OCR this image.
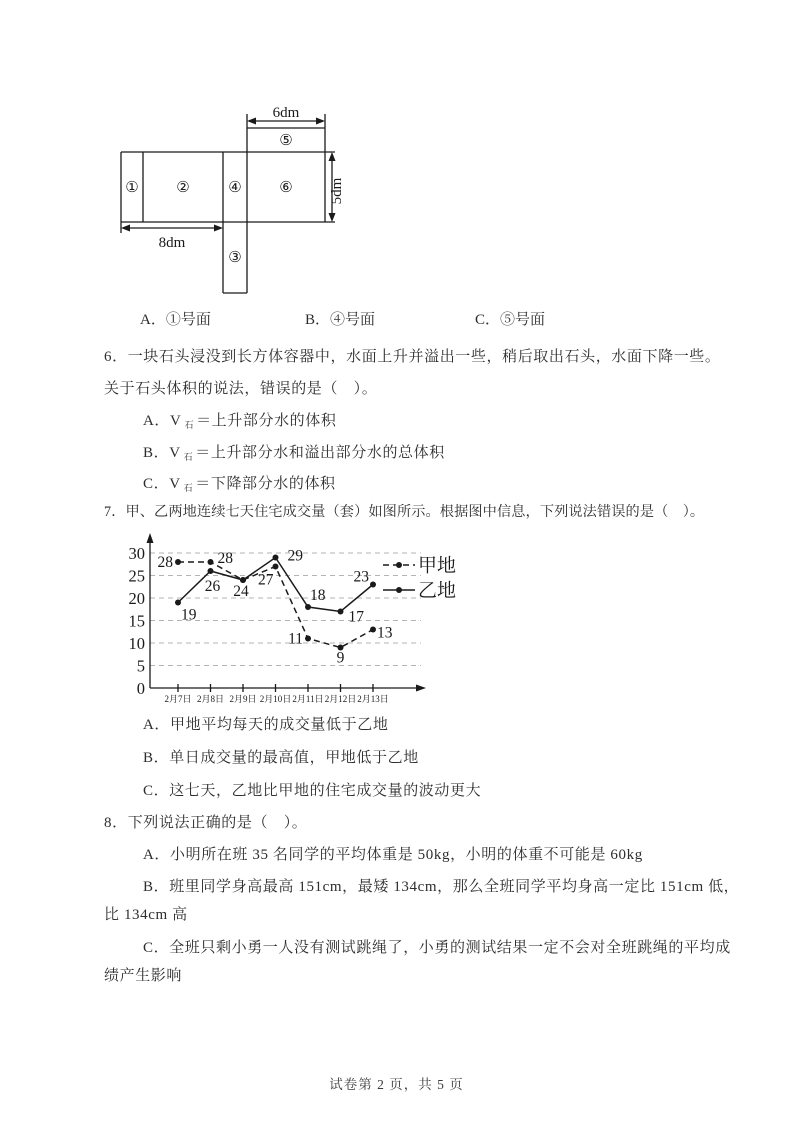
6dm
5dm
8dm
①	②	④	⑥
⑤
③
A．①号面	B．④号面	C．⑤号面
6．一块石头浸没到长方体容器中，水面上升并溢出一些，稍后取出石头，水面下降一些。
关于石头体积的说法，错误的是（　）。
A．V $_石$ ＝上升部分水的体积
B．V $_石$ ＝上升部分水和溢出部分水的总体积
C．V $_石$ ＝下降部分水的体积
7．甲、乙两地连续七天住宅成交量（套）如图所示。根据图中信息，下列说法错误的是（　）。
0
5
10
15
20
25
30
2月7日 2月8日 2月9日 2月10日 2月11日 2月12日 2月13日
28	28
24
27
11
9
13
19
26
29
18
17
23
甲地
乙地
A．甲地平均每天的成交量低于乙地
B．单日成交量的最高值，甲地低于乙地
C．这七天，乙地比甲地的住宅成交量的波动更大
8．下列说法正确的是（　）。
A．小明所在班 35 名同学的平均体重是 50kg，小明的体重不可能是 60kg
B．班里同学身高最高 151cm，最矮 134cm，那么全班同学平均身高一定比 151cm 低，
比 134cm 高
C．全班只剩小勇一人没有测试跳绳了，小勇的测试结果一定不会对全班跳绳的平均成
绩产生影响
试卷第 2 页，共 5 页
